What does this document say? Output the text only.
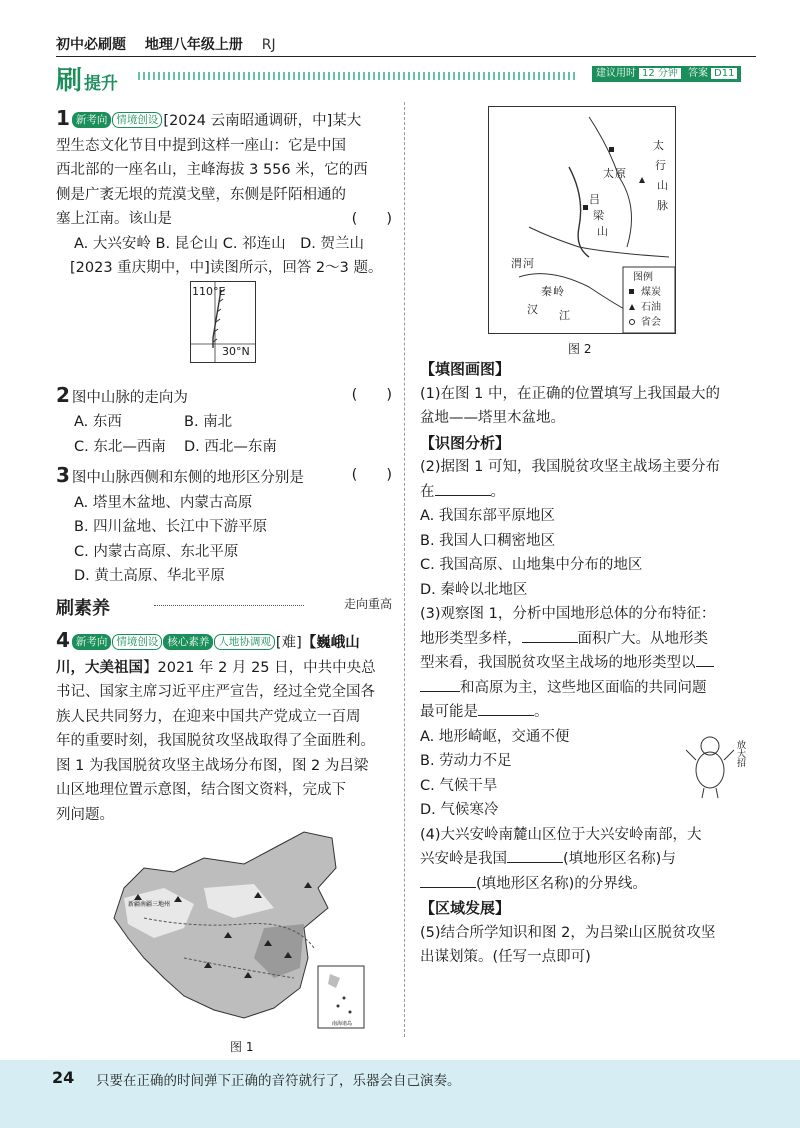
初中必刷题 地理八年级上册 RJ
刷提升
建议用时 12 分钟	答案 D11
1 新考向 情境创设 [2024 云南昭通调研，中]某大
型生态文化节目中提到这样一座山：它是中国
西北部的一座名山，主峰海拔 3 556 米，它的西
侧是广袤无垠的荒漠戈壁，东侧是阡陌相通的
塞上江南。该山是	(　　)

A. 大兴安岭 B. 昆仑山 C. 祁连山　D. 贺兰山
[2023 重庆期中，中]读图所示，回答 2～3 题。
110°E
30°N
2 图中山脉的走向为	(　　)

A. 东西	B. 南北
C. 东北—西南 D. 西北—东南
3 图中山脉西侧和东侧的地形区分别是	(　　)

A. 塔里木盆地、内蒙古高原
B. 四川盆地、长江中下游平原
C. 内蒙古高原、东北平原
D. 黄土高原、华北平原
刷素养	走向重高
4 新考向 情境创设 核心素养 人地协调观 [难]【巍峨山
川，大美祖国】2021 年 2 月 25 日，中共中央总
书记、国家主席习近平庄严宣告，经过全党全国各
族人民共同努力，在迎来中国共产党成立一百周
年的重要时刻，我国脱贫攻坚战取得了全面胜利。
图 1 为我国脱贫攻坚主战场分布图，图 2 为吕梁
山区地理位置示意图，结合图文资料，完成下
列问题。
新疆南疆三地州
南海诸岛
图 1
太
行
山
脉
太 原
吕
梁
山
渭 河
秦 岭
汉 江
图例
煤炭
石油
省会
图 2
【填图画图】
(1)在图 1 中，在正确的位置填写上我国最大的
盆地——塔里木盆地。
【识图分析】
(2)据图 1 可知，我国脱贫攻坚主战场主要分布
在	。
A. 我国东部平原地区
B. 我国人口稠密地区
C. 我国高原、山地集中分布的地区
D. 秦岭以北地区
(3)观察图 1，分析中国地形总体的分布特征：
地形类型多样，	面积广大。从地形类
型来看，我国脱贫攻坚主战场的地形类型以
和高原为主，这些地区面临的共同问题
最可能是	。
A. 地形崎岖，交通不便
B. 劳动力不足
C. 气候干旱
D. 气候寒冷
(4)大兴安岭南麓山区位于大兴安岭南部，大
兴安岭是我国	(填地形区名称)与
(填地形区名称)的分界线。
【区域发展】
(5)结合所学知识和图 2，为吕梁山区脱贫攻坚
出谋划策。(任写一点即可)
放大招
24 只要在正确的时间弹下正确的音符就行了，乐器会自己演奏。
